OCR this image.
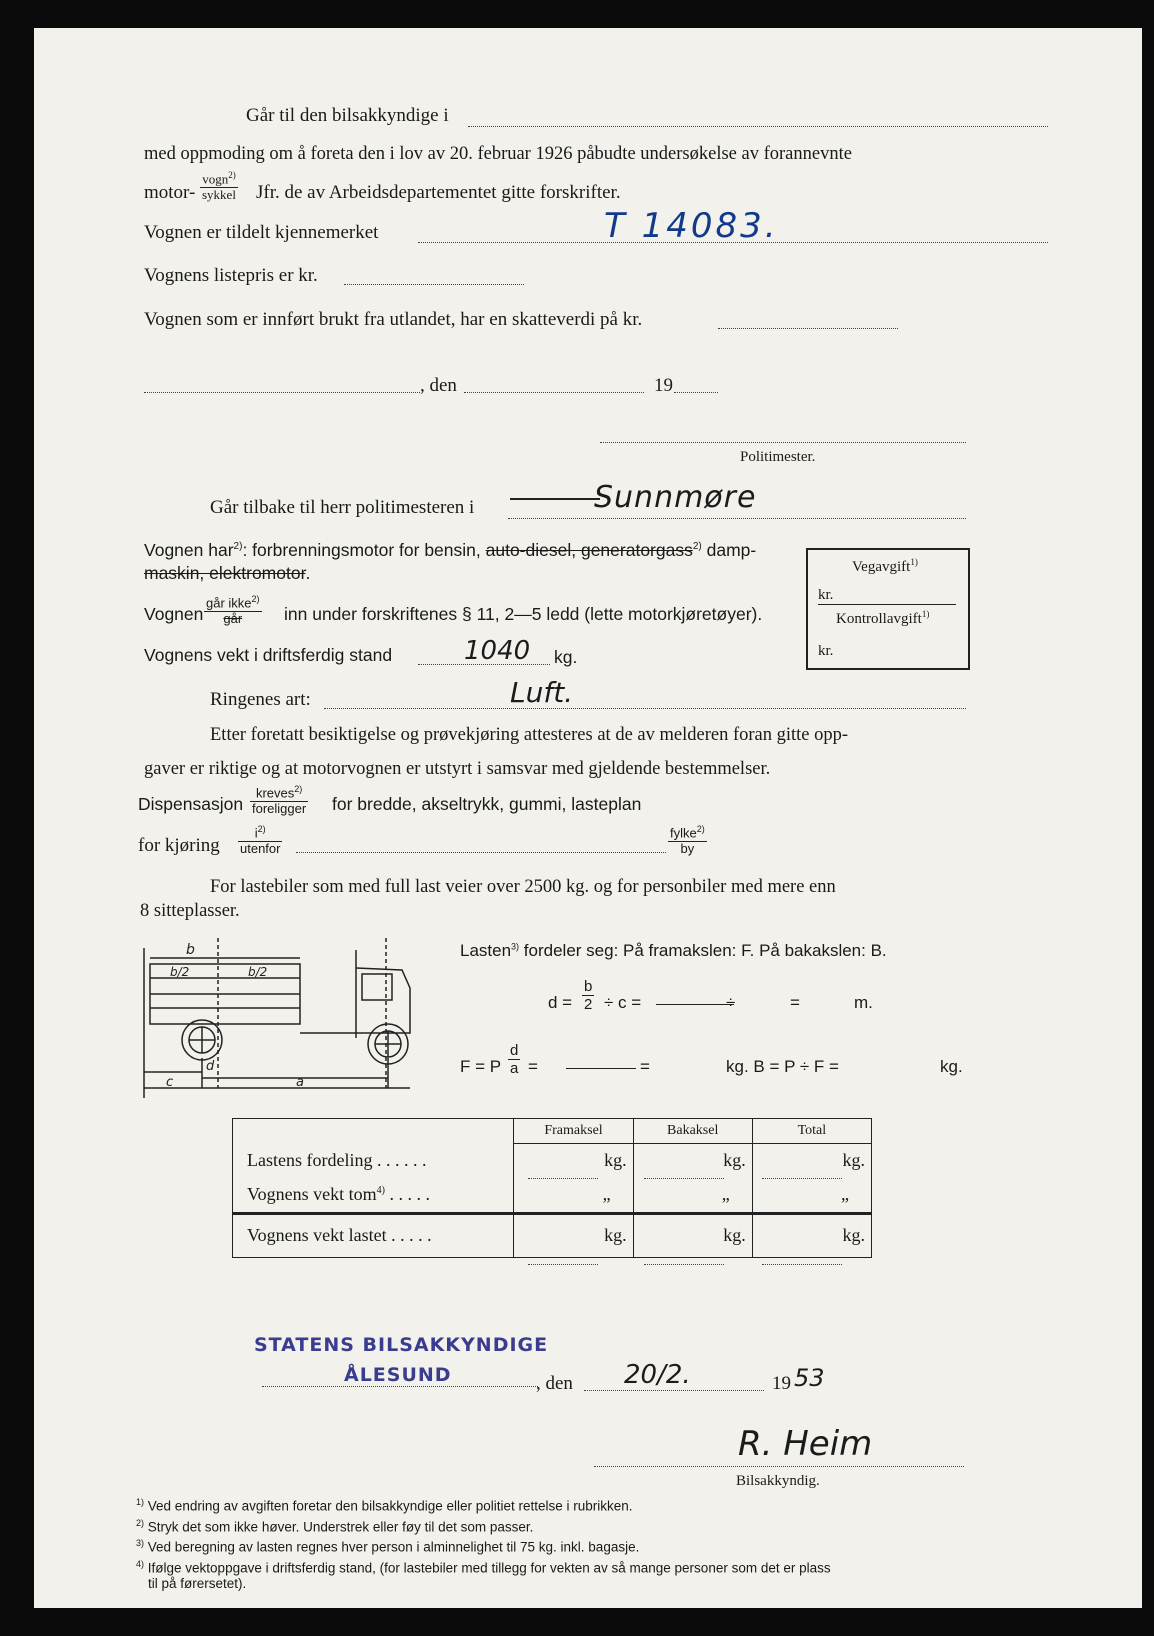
Går til den bilsakkyndige i
med oppmoding om å foreta den i lov av 20. februar 1926 påbudte undersøkelse av forannevnte
motor-
vogn$^{2)}$
sykkel Jfr. de av Arbeidsdepartementet gitte forskrifter.
Vognen er tildelt kjennemerket	T 14083.
Vognens listepris er kr.
Vognen som er innført brukt fra utlandet, har en skatteverdi på kr.
, den	19
Politimester.
Går tilbake til herr politimesteren i	Sunnmøre
Vognen har$^{2)}$: forbrenningsmotor for bensin, auto-diesel, generatorgass$^{2)}$ damp-
maskin, elektromotor.
Vognen
går ikke$^{2)}$
går	inn under forskriftenes § 11, 2—5 ledd (lette motorkjøretøyer).
Vognens vekt i driftsferdig stand	1040 kg.
Ringenes art:	Luft.
Etter foretatt besiktigelse og prøvekjøring attesteres at de av melderen foran gitte opp-
gaver er riktige og at motorvognen er utstyrt i samsvar med gjeldende bestemmelser.
Dispensasjon
kreves$^{2)}$
foreligger for bredde, akseltrykk, gummi, lasteplan
for kjøring
$i^{2)}$
utenfor
fylke$^{2)}$
by
Vegavgift$^{1)}$
kr.
Kontrollavgift$^{1)}$
kr.
For lastebiler som med full last veier over 2500 kg. og for personbiler med mere enn
8 sitteplasser.
b
b/2	b/2
c
d
a
Lasten$^{3)}$ fordeler seg: På framakslen: F. På bakakslen: B.
$d = \frac{b}{2} \div c$ =	÷	=	m.
F = P $\frac{d}{a}$ =	=	kg. B = P ÷ F =	kg.
	Framaksel	Bakaksel	Total
Lastens fordeling . . . . . .	kg.	kg.	kg.
Vognens vekt tom$^{4)}$ . . . . .	„	„	„
Vognens vekt lastet . . . . .	kg.	kg.	kg.
STATENS BILSAKKYNDIGE
ÅLESUND	, den 20/2.	19 53
R. Heim
Bilsakkyndig.
$^{1)}$ Ved endring av avgiften foretar den bilsakkyndige eller politiet rettelse i rubrikken.
$^{2)}$ Stryk det som ikke høver. Understrek eller føy til det som passer.
$^{3)}$ Ved beregning av lasten regnes hver person i alminnelighet til 75 kg. inkl. bagasje.
$^{4)}$ Ifølge vektoppgave i driftsferdig stand, (for lastebiler med tillegg for vekten av så mange personer som det er plass
til på førersetet).
